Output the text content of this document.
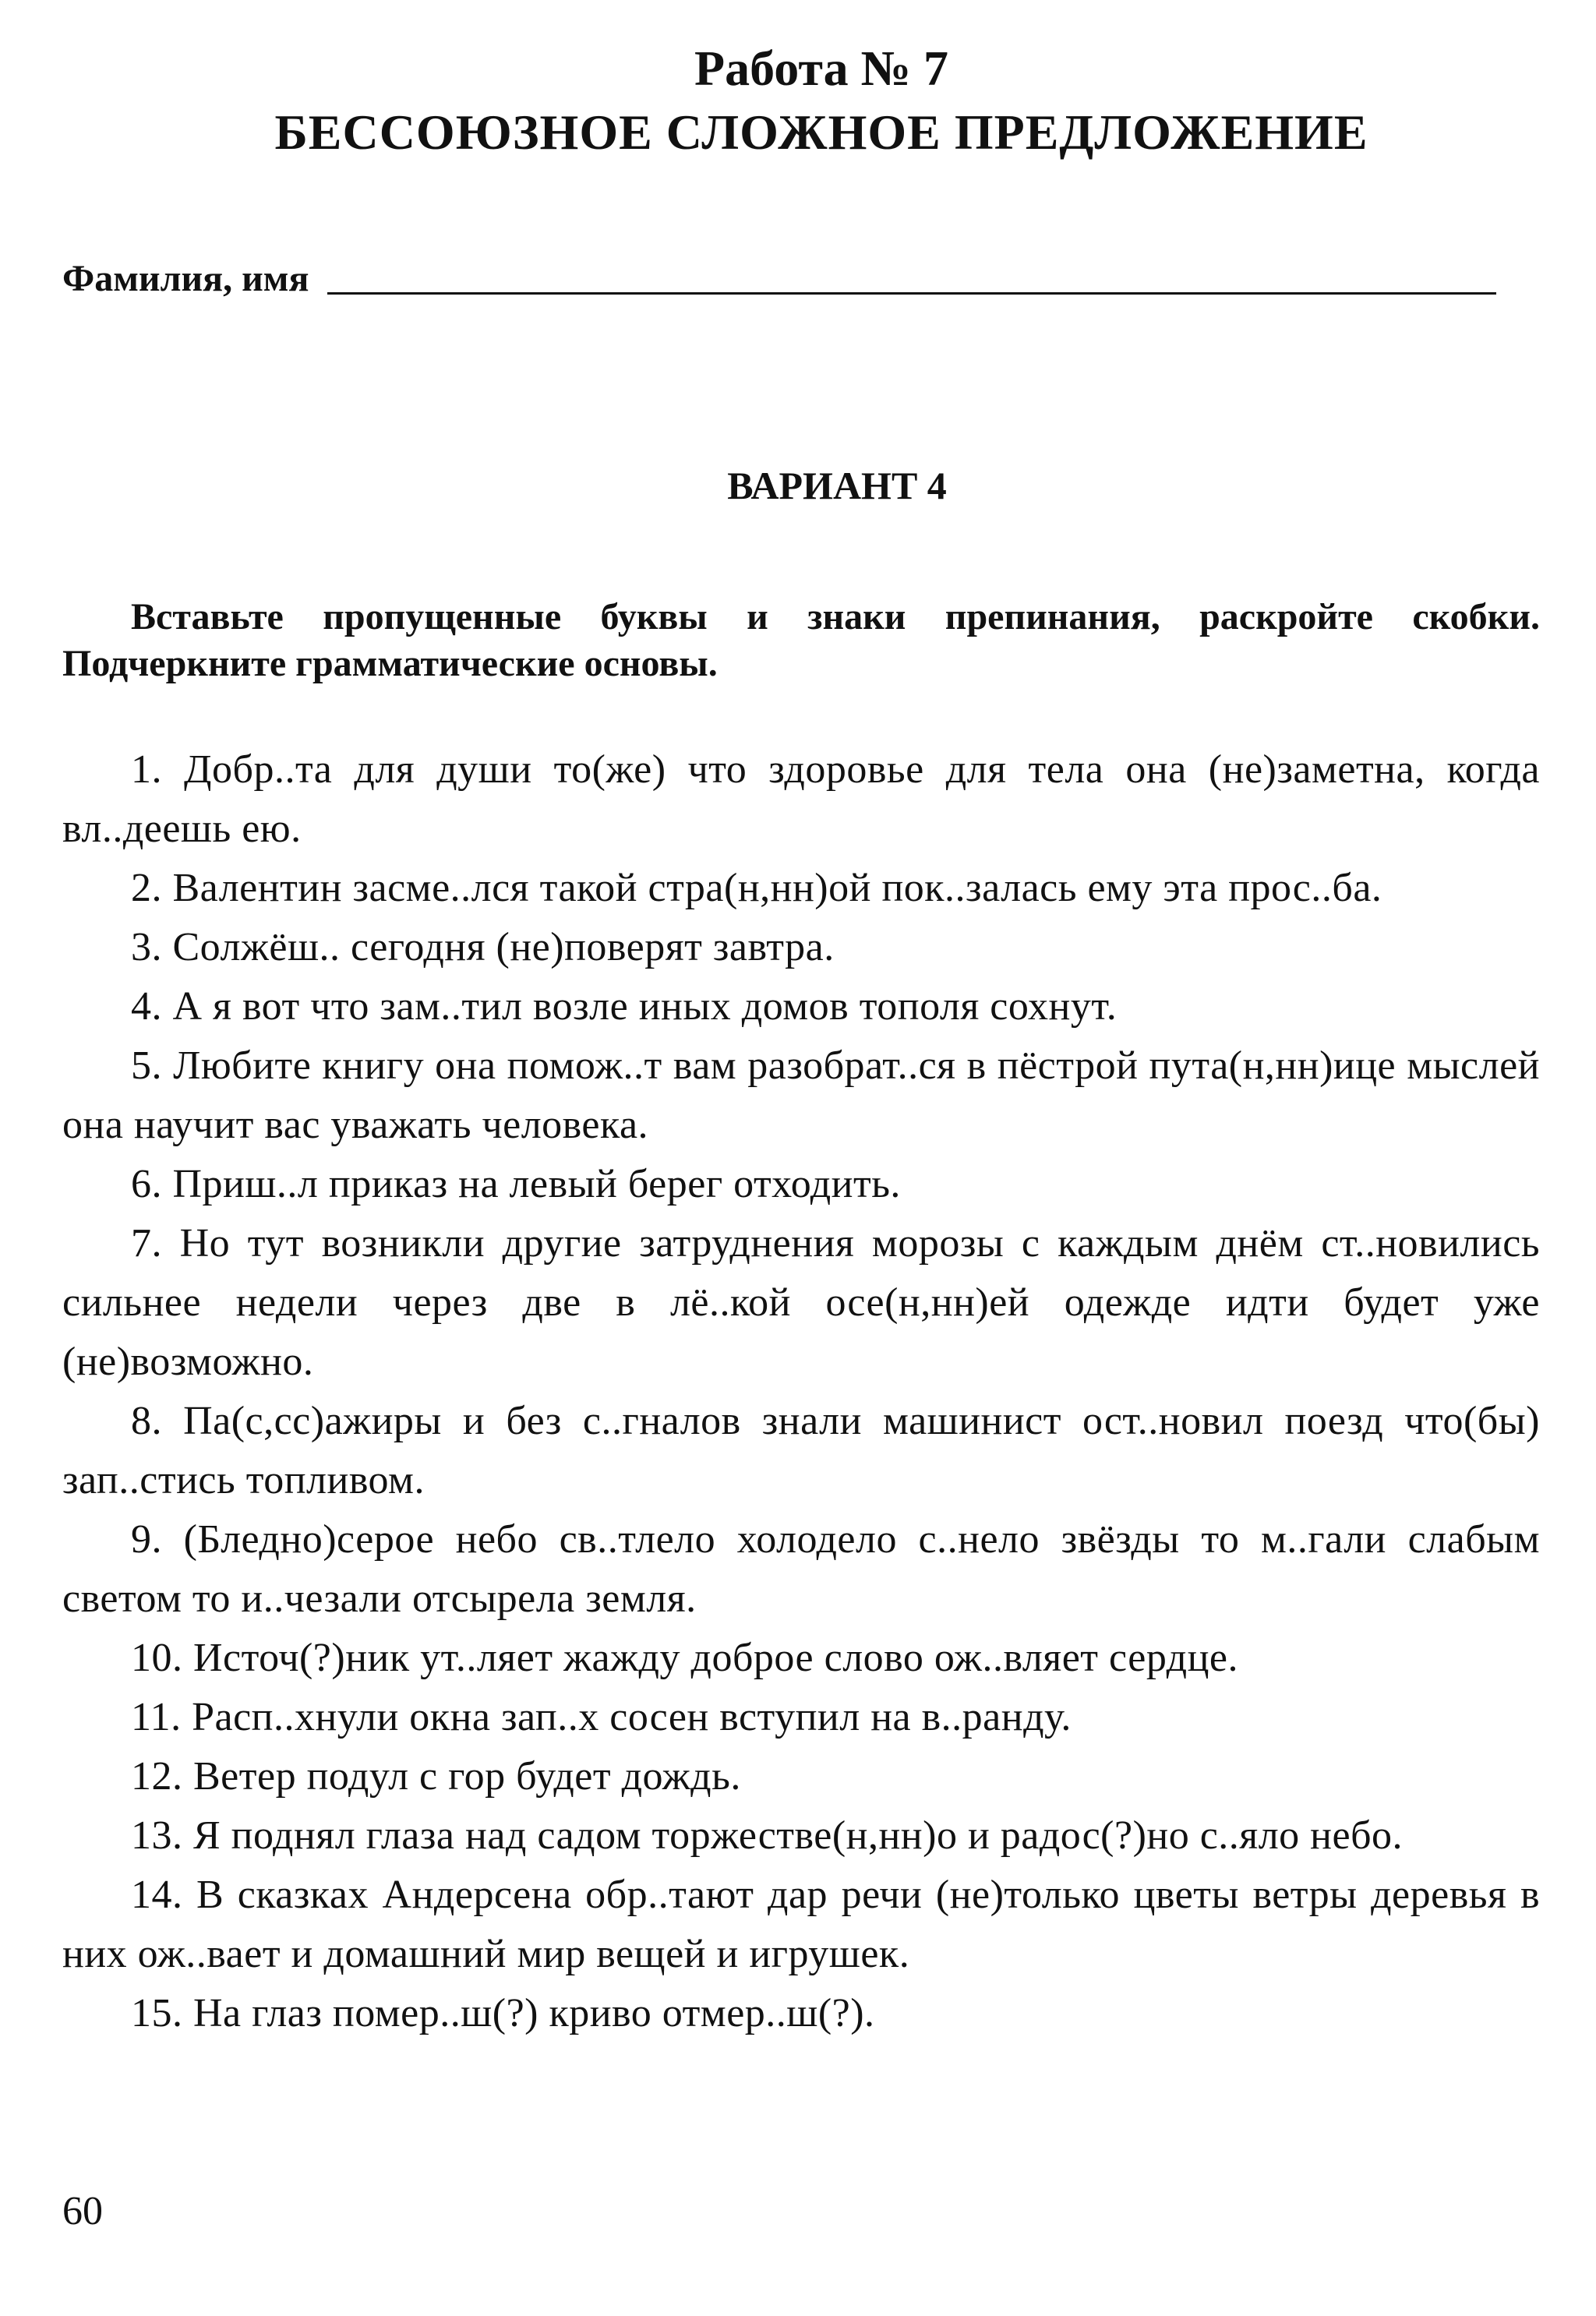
Работа № 7
БЕССОЮЗНОЕ СЛОЖНОЕ ПРЕДЛОЖЕНИЕ
Фамилия, имя
ВАРИАНТ 4
Вставьте пропущенные буквы и знаки препинания, раскройте скобки. Подчеркните грамматические основы.

1. Добр..та для души то(же) что здоровье для тела она (не)заметна, когда вл..деешь ею.

2. Валентин засме..лся такой стра(н,нн)ой пок..залась ему эта прос..ба.

3. Солжёш.. сегодня (не)поверят завтра.

4. А я вот что зам..тил возле иных домов тополя сохнут.

5. Любите книгу она помож..т вам разобрат..ся в пёстрой пута(н,нн)ице мыслей она научит вас уважать человека.

6. Приш..л приказ на левый берег отходить.

7. Но тут возникли другие затруднения морозы с каждым днём ст..новились сильнее недели через две в лё..кой осе(н,нн)ей одежде идти будет уже (не)возможно.

8. Па(с,сс)ажиры и без с..гналов знали машинист ост..новил поезд что(бы) зап..стись топливом.

9. (Бледно)серое небо св..тлело холодело с..нело звёзды то м..гали слабым светом то и..чезали отсырела земля.

10. Источ(?)ник ут..ляет жажду доброе слово ож..вляет сердце.

11. Расп..хнули окна зап..х сосен вступил на в..ранду.

12. Ветер подул с гор будет дождь.

13. Я поднял глаза над садом торжестве(н,нн)о и радос(?)но с..яло небо.

14. В сказках Андерсена обр..тают дар речи (не)только цветы ветры деревья в них ож..вает и домашний мир вещей и игрушек.

15. На глаз помер..ш(?) криво отмер..ш(?).

60
